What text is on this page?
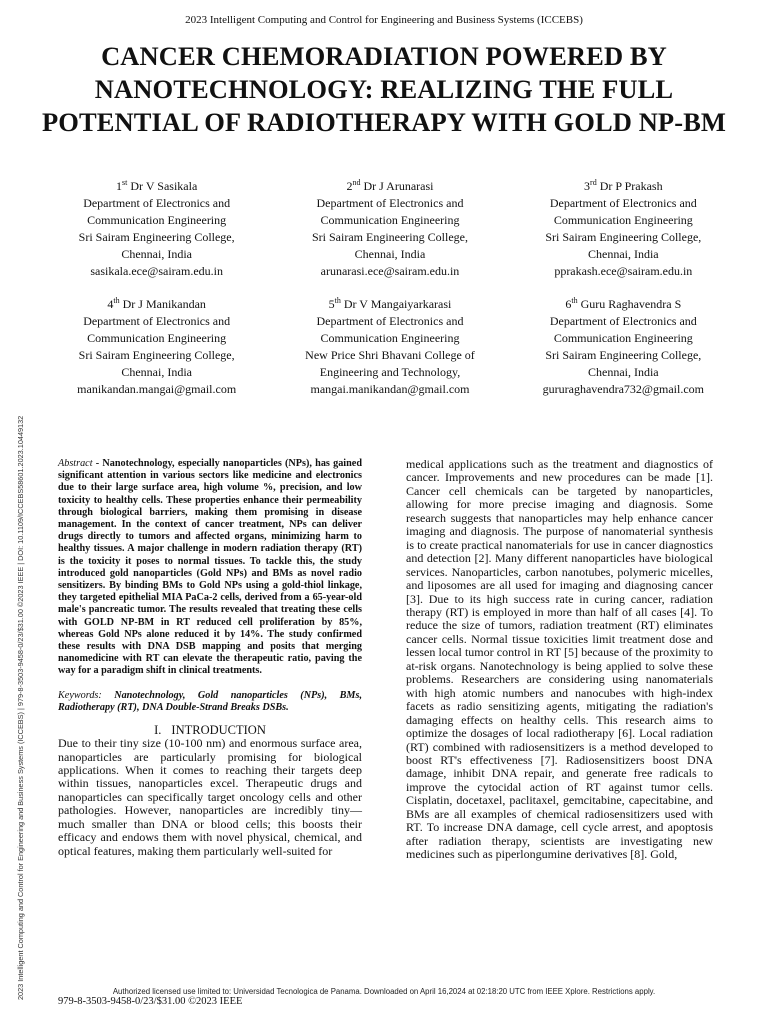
2023 Intelligent Computing and Control for Engineering and Business Systems (ICCEBS)
CANCER CHEMORADIATION POWERED BY NANOTECHNOLOGY: REALIZING THE FULL POTENTIAL OF RADIOTHERAPY WITH GOLD NP-BM
1st Dr V Sasikala
Department of Electronics and
Communication Engineering
Sri Sairam Engineering College,
Chennai, India
sasikala.ece@sairam.edu.in
2nd Dr J Arunarasi
Department of Electronics and
Communication Engineering
Sri Sairam Engineering College,
Chennai, India
arunarasi.ece@sairam.edu.in
3rd Dr P Prakash
Department of Electronics and
Communication Engineering
Sri Sairam Engineering College,
Chennai, India
pprakash.ece@sairam.edu.in
4th Dr J Manikandan
Department of Electronics and
Communication Engineering
Sri Sairam Engineering College,
Chennai, India
manikandan.mangai@gmail.com
5th Dr V Mangaiyarkarasi
Department of Electronics and
Communication Engineering
New Price Shri Bhavani College of
Engineering and Technology,
mangai.manikandan@gmail.com
6th Guru Raghavendra S
Department of Electronics and
Communication Engineering
Sri Sairam Engineering College,
Chennai, India
gururaghavendra732@gmail.com
2023 Intelligent Computing and Control for Engineering and Business Systems (ICCEBS) | 979-8-3503-9458-0/23/$31.00 ©2023 IEEE | DOI: 10.1109/ICCEBS58601.2023.10449132	Abstract - Nanotechnology, especially nanoparticles (NPs), has gained significant attention in various sectors like medicine and electronics due to their large surface area, high volume %, precision, and low toxicity to healthy cells. These properties enhance their permeability through biological barriers, making them promising in disease management. In the context of cancer treatment, NPs can deliver drugs directly to tumors and affected organs, minimizing harm to healthy tissues. A major challenge in modern radiation therapy (RT) is the toxicity it poses to normal tissues. To tackle this, the study introduced gold nanoparticles (Gold NPs) and BMs as novel radio sensitizers. By binding BMs to Gold NPs using a gold-thiol linkage, they targeted epithelial MIA PaCa-2 cells, derived from a 65-year-old male's pancreatic tumor. The results revealed that treating these cells with GOLD NP-BM in RT reduced cell proliferation by 85%, whereas Gold NPs alone reduced it by 14%. The study confirmed these results with DNA DSB mapping and posits that merging nanomedicine with RT can elevate the therapeutic ratio, paving the way for a paradigm shift in clinical treatments.

Keywords: Nanotechnology, Gold nanoparticles (NPs), BMs, Radiotherapy (RT), DNA Double-Strand Breaks DSBs.

I. INTRODUCTION

Due to their tiny size (10-100 nm) and enormous surface area, nanoparticles are particularly promising for biological applications. When it comes to reaching their targets deep within tissues, nanoparticles excel. Therapeutic drugs and nanoparticles can specifically target oncology cells and other pathologies. However, nanoparticles are incredibly tiny—much smaller than DNA or blood cells; this boosts their efficacy and endows them with novel physical, chemical, and optical features, making them particularly well-suited for

medical applications such as the treatment and diagnostics of cancer. Improvements and new procedures can be made [1]. Cancer cell chemicals can be targeted by nanoparticles, allowing for more precise imaging and diagnosis. Some research suggests that nanoparticles may help enhance cancer imaging and diagnosis. The purpose of nanomaterial synthesis is to create practical nanomaterials for use in cancer diagnostics and detection [2]. Many different nanoparticles have biological services. Nanoparticles, carbon nanotubes, polymeric micelles, and liposomes are all used for imaging and diagnosing cancer [3]. Due to its high success rate in curing cancer, radiation therapy (RT) is employed in more than half of all cases [4]. To reduce the size of tumors, radiation treatment (RT) eliminates cancer cells. Normal tissue toxicities limit treatment dose and lessen local tumor control in RT [5] because of the proximity to at-risk organs. Nanotechnology is being applied to solve these problems. Researchers are considering using nanomaterials with high atomic numbers and nanocubes with high-index facets as radio sensitizing agents, mitigating the radiation's damaging effects on healthy cells. This research aims to optimize the dosages of local radiotherapy [6]. Local radiation (RT) combined with radiosensitizers is a method developed to boost RT's effectiveness [7]. Radiosensitizers boost DNA damage, inhibit DNA repair, and generate free radicals to improve the cytocidal action of RT against tumor cells. Cisplatin, docetaxel, paclitaxel, gemcitabine, capecitabine, and BMs are all examples of chemical radiosensitizers used with RT. To increase DNA damage, cell cycle arrest, and apoptosis after radiation therapy, scientists are investigating new medicines such as piperlongumine derivatives [8]. Gold,

Authorized licensed use limited to: Universidad Tecnologica de Panama. Downloaded on April 16,2024 at 02:18:20 UTC from IEEE Xplore. Restrictions apply.
979-8-3503-9458-0/23/$31.00 ©2023 IEEE
